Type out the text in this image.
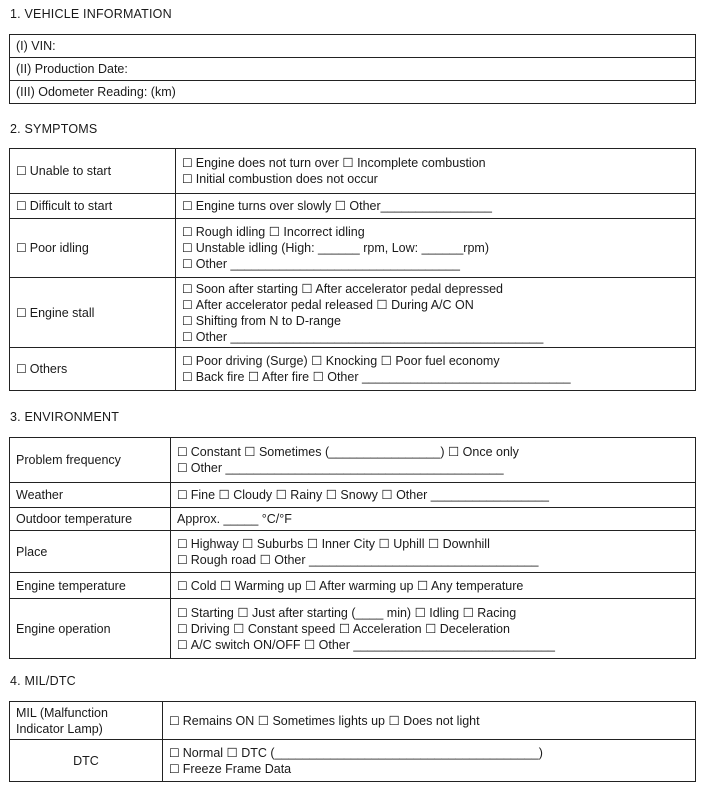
1. VEHICLE INFORMATION
(I) VIN:
(II) Production Date:
(III) Odometer Reading: (km)
2. SYMPTOMS
☐ Unable to start	☐ Engine does not turn over ☐ Incomplete combustion
☐ Initial combustion does not occur

☐ Difficult to start	☐ Engine turns over slowly ☐ Other________________

☐ Poor idling	☐ Rough idling ☐ Incorrect idling
☐ Unstable idling (High: ______ rpm, Low: ______rpm)
☐ Other _________________________________

☐ Engine stall	☐ Soon after starting ☐ After accelerator pedal depressed
☐ After accelerator pedal released ☐ During A/C ON
☐ Shifting from N to D-range
☐ Other _____________________________________________

☐ Others	☐ Poor driving (Surge) ☐ Knocking ☐ Poor fuel economy
☐ Back fire ☐ After fire ☐ Other ______________________________
3. ENVIRONMENT
Problem frequency	☐ Constant ☐ Sometimes (________________) ☐ Once only
☐ Other ________________________________________

Weather	☐ Fine ☐ Cloudy ☐ Rainy ☐ Snowy ☐ Other _________________

Outdoor temperature	Approx. _____ °C/°F

Place	☐ Highway ☐ Suburbs ☐ Inner City ☐ Uphill ☐ Downhill
☐ Rough road ☐ Other _________________________________

Engine temperature	☐ Cold ☐ Warming up ☐ After warming up ☐ Any temperature

Engine operation	☐ Starting ☐ Just after starting (____ min) ☐ Idling ☐ Racing
☐ Driving ☐ Constant speed ☐ Acceleration ☐ Deceleration
☐ A/C switch ON/OFF ☐ Other _____________________________
4. MIL/DTC
MIL (Malfunction Indicator Lamp)	☐ Remains ON ☐ Sometimes lights up ☐ Does not light

DTC	☐ Normal ☐ DTC (______________________________________)
☐ Freeze Frame Data
